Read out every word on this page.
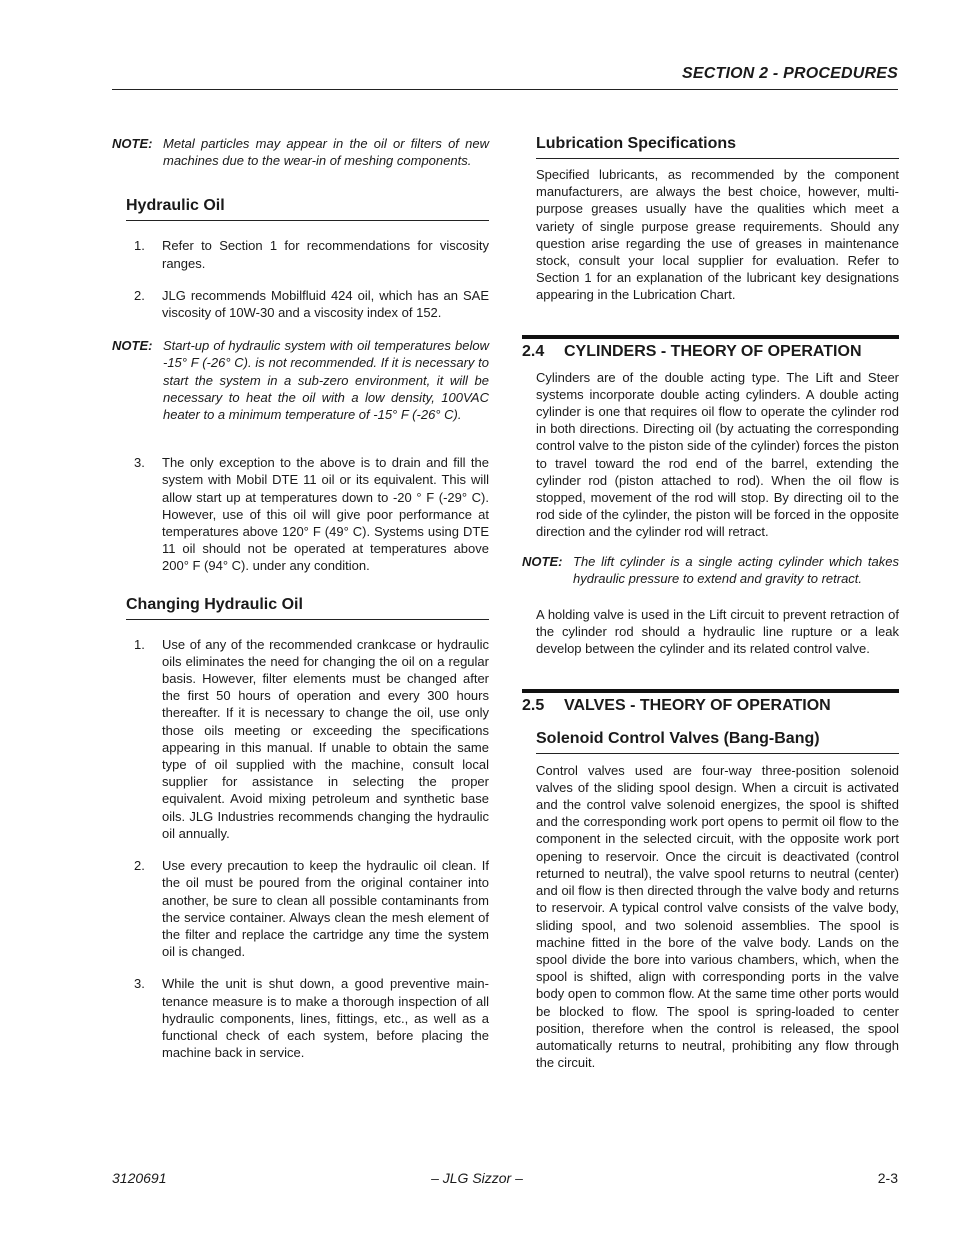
SECTION 2 - PROCEDURES
NOTE: Metal particles may appear in the oil or filters of new machines due to the wear-in of meshing components.
Hydraulic Oil
1.	Refer to Section 1 for recommendations for viscosity ranges.
2.	JLG recommends Mobilfluid 424 oil, which has an SAE viscosity of 10W-30 and a viscosity index of 152.
NOTE: Start-up of hydraulic system with oil temperatures below -15° F (-26° C). is not recommended. If it is necessary to start the system in a sub-zero environment, it will be necessary to heat the oil with a low density, 100VAC heater to a minimum temperature of -15° F (-26° C).
3.	The only exception to the above is to drain and fill the system with Mobil DTE 11 oil or its equivalent. This will allow start up at temperatures down to -20 ° F (-29° C). However, use of this oil will give poor performance at temperatures above 120° F (49° C). Systems using DTE 11 oil should not be operated at temperatures above 200° F (94° C). under any condition.
Changing Hydraulic Oil
1.	Use of any of the recommended crankcase or hydraulic oils eliminates the need for changing the oil on a regular basis. However, filter elements must be changed after the first 50 hours of operation and every 300 hours thereafter. If it is necessary to change the oil, use only those oils meeting or exceeding the specifications appearing in this manual. If unable to obtain the same type of oil supplied with the machine, consult local supplier for assistance in selecting the proper equivalent. Avoid mixing petroleum and synthetic base oils. JLG Industries recommends changing the hydraulic oil annually.
2.	Use every precaution to keep the hydraulic oil clean. If the oil must be poured from the original container into another, be sure to clean all possible contaminants from the service container. Always clean the mesh element of the filter and replace the cartridge any time the system oil is changed.
3.	While the unit is shut down, a good preventive maintenance measure is to make a thorough inspection of all hydraulic components, lines, fittings, etc., as well as a functional check of each system, before placing the machine back in service.
Lubrication Specifications

Specified lubricants, as recommended by the component manufacturers, are always the best choice, however, multi-purpose greases usually have the qualities which meet a variety of single purpose grease requirements. Should any question arise regarding the use of greases in maintenance stock, consult your local supplier for evaluation. Refer to Section 1 for an explanation of the lubricant key designations appearing in the Lubrication Chart.

2.4	CYLINDERS - THEORY OF OPERATION

Cylinders are of the double acting type. The Lift and Steer systems incorporate double acting cylinders. A double acting cylinder is one that requires oil flow to operate the cylinder rod in both directions. Directing oil (by actuating the corresponding control valve to the piston side of the cylinder) forces the piston to travel toward the rod end of the barrel, extending the cylinder rod (piston attached to rod). When the oil flow is stopped, movement of the rod will stop. By directing oil to the rod side of the cylinder, the piston will be forced in the opposite direction and the cylinder rod will retract.

NOTE: The lift cylinder is a single acting cylinder which takes hydraulic pressure to extend and gravity to retract.

A holding valve is used in the Lift circuit to prevent retraction of the cylinder rod should a hydraulic line rupture or a leak develop between the cylinder and its related control valve.

2.5	VALVES - THEORY OF OPERATION
Solenoid Control Valves (Bang-Bang)

Control valves used are four-way three-position solenoid valves of the sliding spool design. When a circuit is activated and the control valve solenoid energizes, the spool is shifted and the corresponding work port opens to permit oil flow to the component in the selected circuit, with the opposite work port opening to reservoir. Once the circuit is deactivated (control returned to neutral), the valve spool returns to neutral (center) and oil flow is then directed through the valve body and returns to reservoir. A typical control valve consists of the valve body, sliding spool, and two solenoid assemblies. The spool is machine fitted in the bore of the valve body. Lands on the spool divide the bore into various chambers, which, when the spool is shifted, align with corresponding ports in the valve body open to common flow. At the same time other ports would be blocked to flow. The spool is spring-loaded to center position, therefore when the control is released, the spool automatically returns to neutral, prohibiting any flow through the circuit.

– JLG Sizzor –
3120691	2-3
